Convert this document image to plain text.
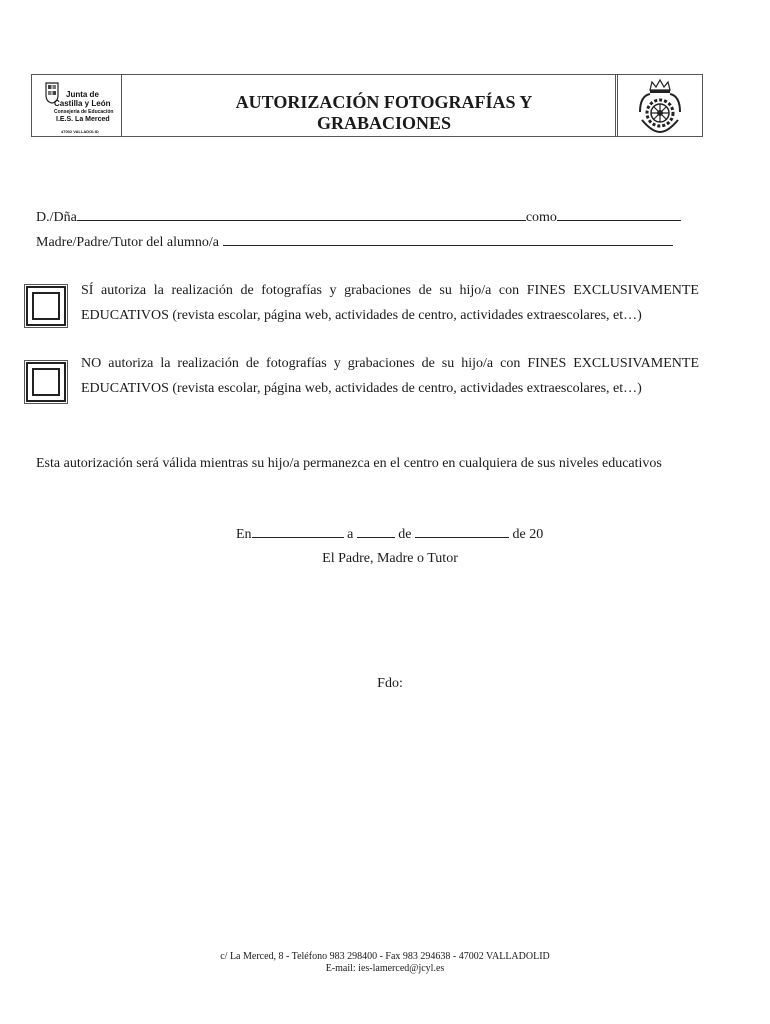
Junta de
Castilla y León
Consejería de Educación
I.E.S. La Merced
47002 VALLADOLID
AUTORIZACIÓN FOTOGRAFÍAS Y
GRABACIONES
D./Dña	como
Madre/Padre/Tutor del alumno/a
SÍ autoriza la realización de fotografías y grabaciones de su hijo/a con FINES EXCLUSIVAMENTE EDUCATIVOS (revista escolar, página web, actividades de centro, actividades extraescolares, et…)
NO autoriza la realización de fotografías y grabaciones de su hijo/a con FINES EXCLUSIVAMENTE EDUCATIVOS (revista escolar, página web, actividades de centro, actividades extraescolares, et…)
Esta autorización será válida mientras su hijo/a permanezca en el centro en cualquiera de sus niveles educativos
En	a	de	de 20
El Padre, Madre o Tutor
Fdo:
c/ La Merced, 8 - Teléfono 983 298400 - Fax 983 294638 - 47002 VALLADOLID
E-mail: ies-lamerced@jcyl.es
